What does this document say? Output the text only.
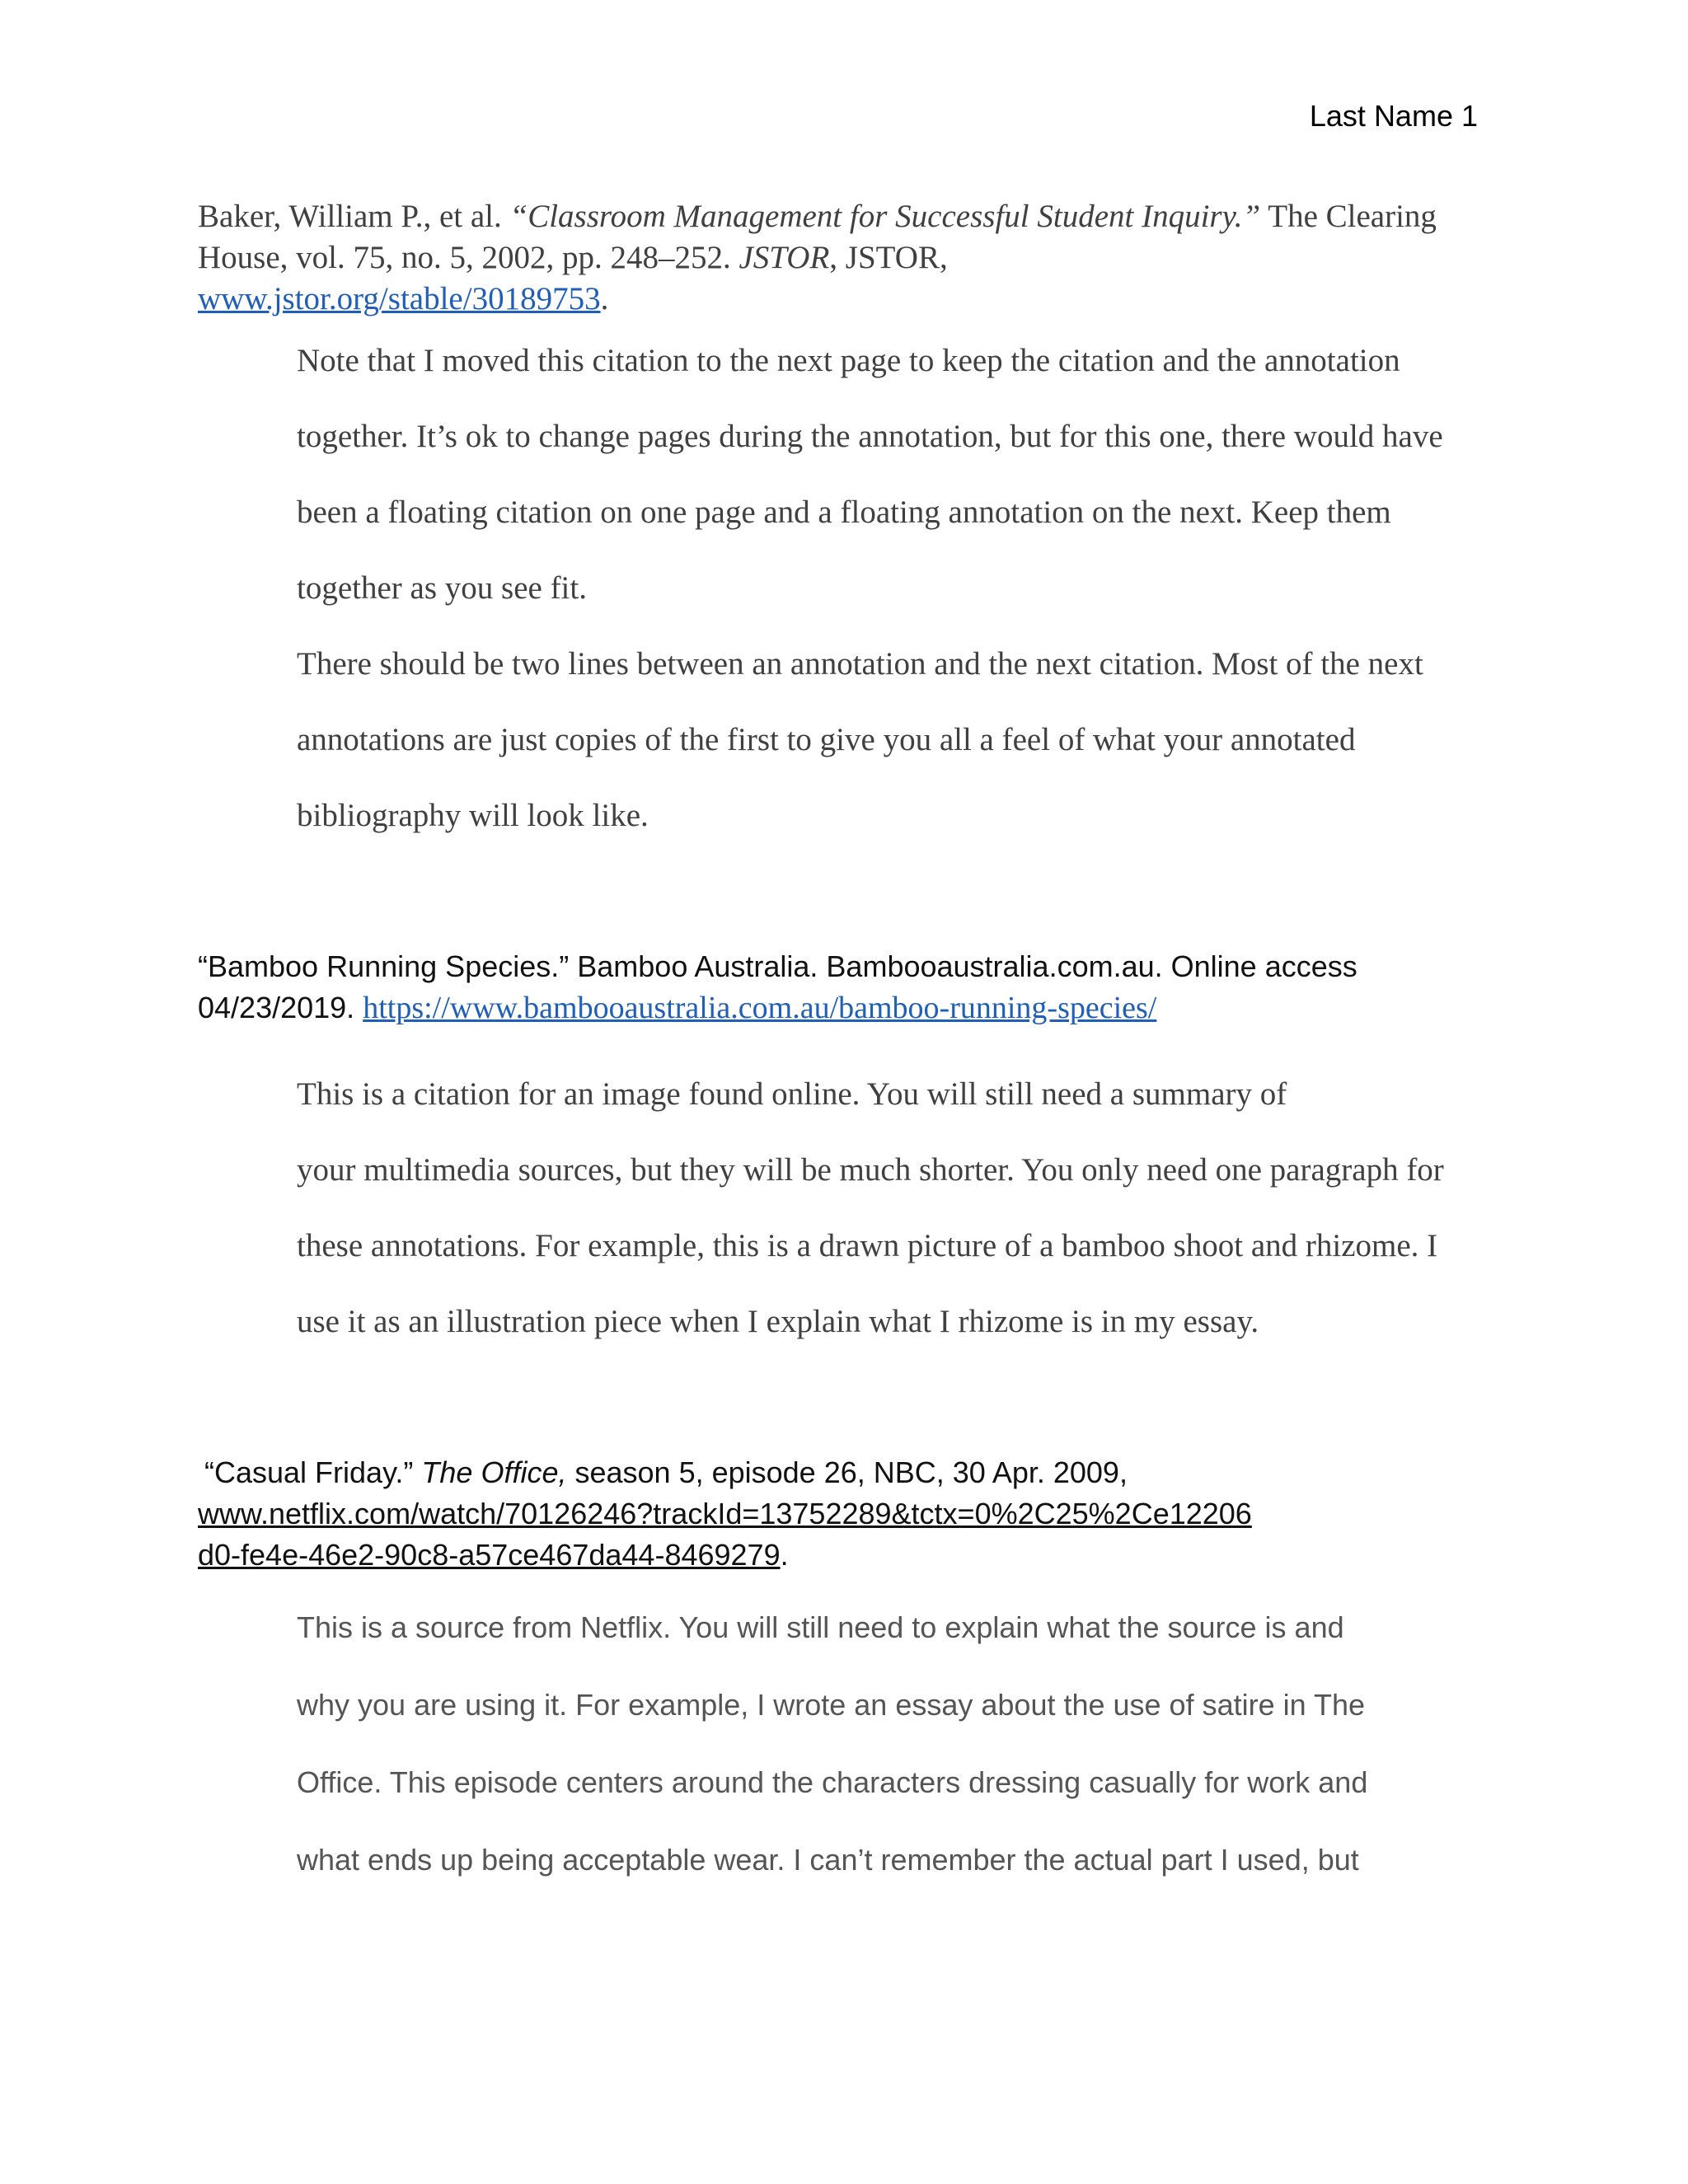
Last Name 1
Baker, William P., et al. “Classroom Management for Successful Student Inquiry.” The Clearing
House, vol. 75, no. 5, 2002, pp. 248–252. JSTOR, JSTOR,
www.jstor.org/stable/30189753.
Note that I moved this citation to the next page to keep the citation and the annotation
together. It’s ok to change pages during the annotation, but for this one, there would have
been a floating citation on one page and a floating annotation on the next. Keep them
together as you see fit.
There should be two lines between an annotation and the next citation. Most of the next
annotations are just copies of the first to give you all a feel of what your annotated
bibliography will look like.
“Bamboo Running Species.” Bamboo Australia. Bambooaustralia.com.au. Online access
04/23/2019. https://www.bambooaustralia.com.au/bamboo-running-species/
This is a citation for an image found online. You will still need a summary of
your multimedia sources, but they will be much shorter. You only need one paragraph for
these annotations. For example, this is a drawn picture of a bamboo shoot and rhizome. I
use it as an illustration piece when I explain what I rhizome is in my essay.
“Casual Friday.” The Office, season 5, episode 26, NBC, 30 Apr. 2009,
www.netflix.com/watch/70126246?trackId=13752289&tctx=0%2C25%2Ce12206
d0-fe4e-46e2-90c8-a57ce467da44-8469279.
This is a source from Netflix. You will still need to explain what the source is and
why you are using it. For example, I wrote an essay about the use of satire in The
Office. This episode centers around the characters dressing casually for work and
what ends up being acceptable wear. I can’t remember the actual part I used, but
